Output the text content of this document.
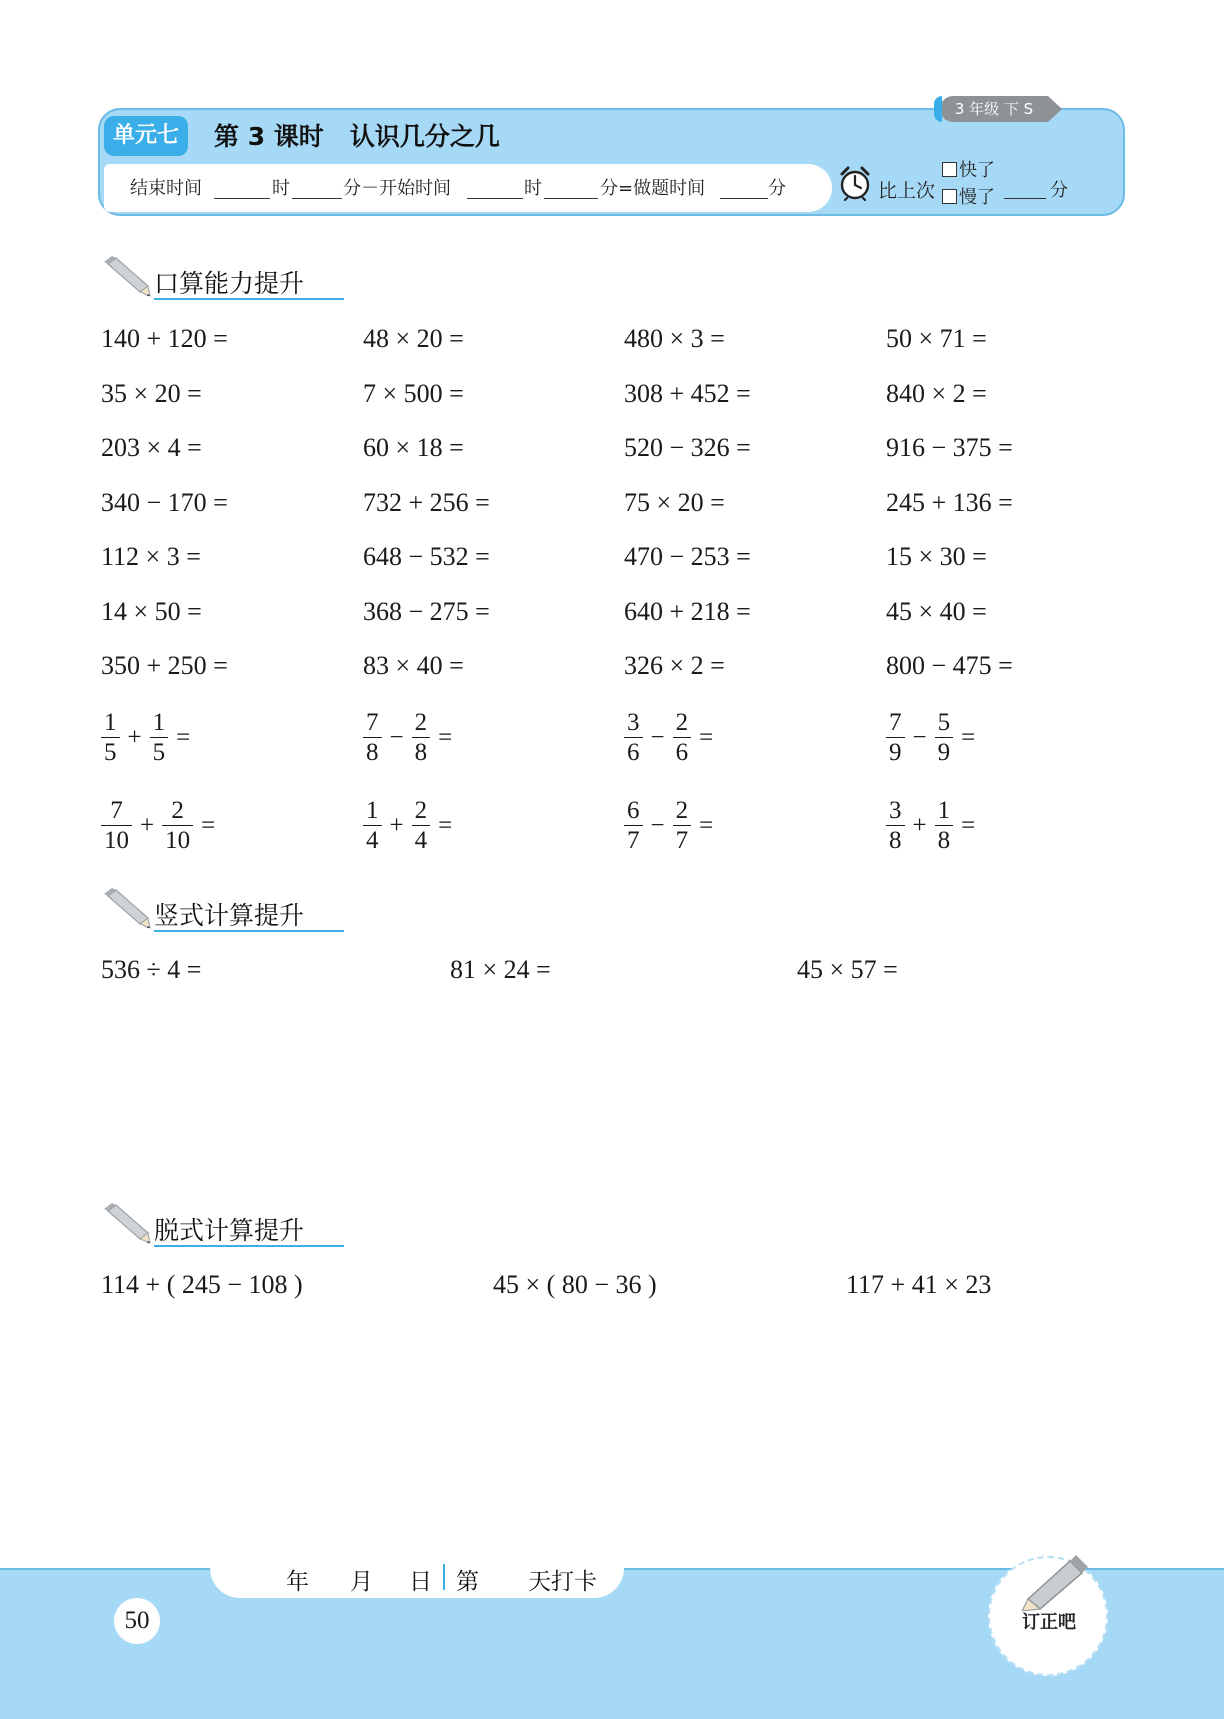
单元七	第 3 课时   认识几分之几
3 年级 下 S
结束时间	时	分－开始时间	时	分=做题时间	分	比上次
快了
慢了	分
口算能力提升
140 + 120 =	48 × 20 =	480 × 3 =	50 × 71 =
35 × 20 =	7 × 500 =	308 + 452 =	840 × 2 =
203 × 4 =	60 × 18 =	520 − 326 =	916 − 375 =
340 − 170 =	732 + 256 =	75 × 20 =	245 + 136 =
112 × 3 =	648 − 532 =	470 − 253 =	15 × 30 =
14 × 50 =	368 − 275 =	640 + 218 =	45 × 40 =
350 + 250 =	83 × 40 =	326 × 2 =	800 − 475 =
$\frac{1}{5} + \frac{1}{5}$ =	$\frac{7}{8} - \frac{2}{8}$ =	$\frac{3}{6} - \frac{2}{6}$ =	$\frac{7}{9} - \frac{5}{9}$ =
$\frac{7}{10} + \frac{2}{10}$ =	$\frac{1}{4} + \frac{2}{4}$ =	$\frac{6}{7} - \frac{2}{7}$ =	$\frac{3}{8} + \frac{1}{8}$ =
竖式计算提升
536 ÷ 4 =	81 × 24 =	45 × 57 =
脱式计算提升
114 + ( 245 − 108 )	45 × ( 80 − 36 )	117 + 41 × 23
年 月 日 第 天打卡
50	订正吧
